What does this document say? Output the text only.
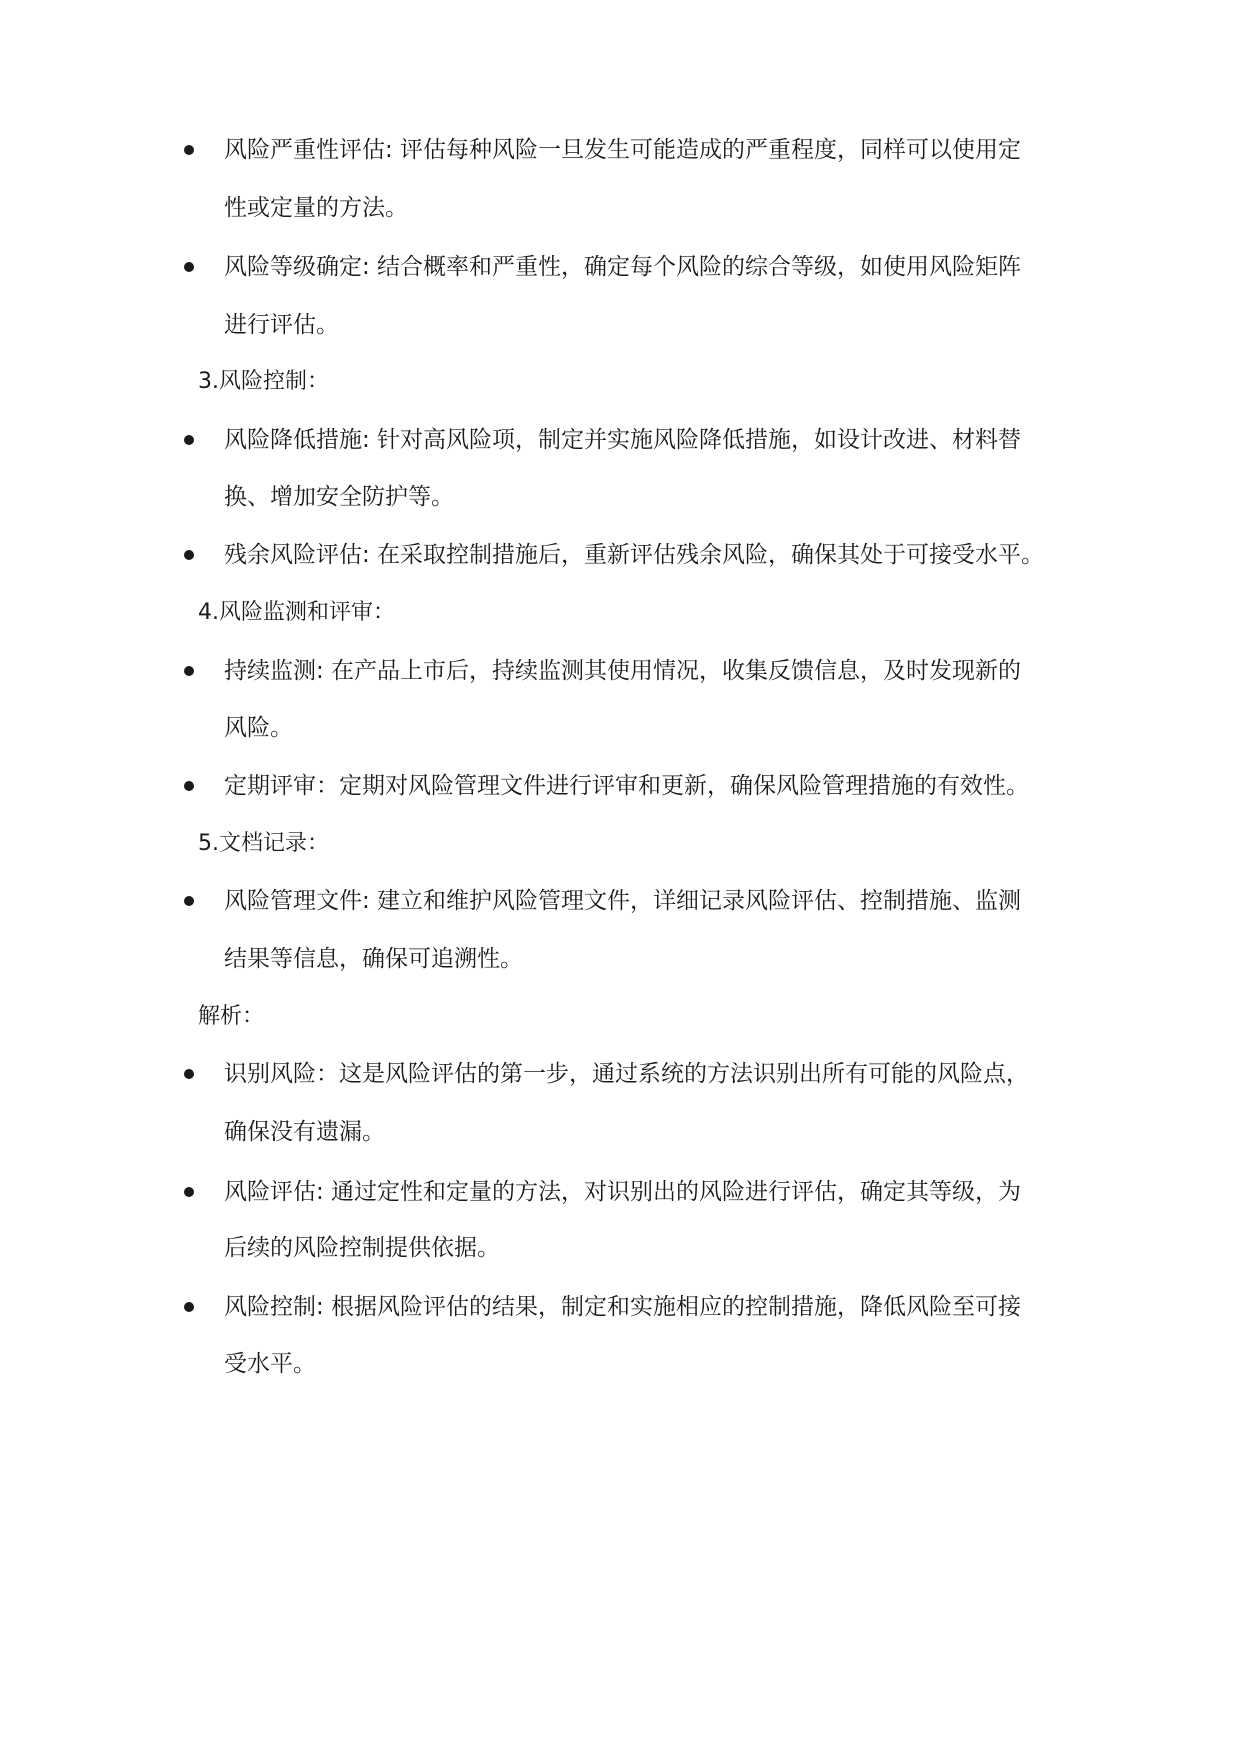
风险严重性评估: 评估每种风险一旦发生可能造成的严重程度，同样可以使用定
性或定量的方法。
风险等级确定: 结合概率和严重性，确定每个风险的综合等级，如使用风险矩阵
进行评估。
3.风险控制：
风险降低措施: 针对高风险项，制定并实施风险降低措施，如设计改进、材料替
换、增加安全防护等。
残余风险评估: 在采取控制措施后，重新评估残余风险，确保其处于可接受水平。
4.风险监测和评审：
持续监测: 在产品上市后，持续监测其使用情况，收集反馈信息，及时发现新的
风险。
定期评审：定期对风险管理文件进行评审和更新，确保风险管理措施的有效性。
5.文档记录：
风险管理文件: 建立和维护风险管理文件，详细记录风险评估、控制措施、监测
结果等信息，确保可追溯性。
解析：
识别风险：这是风险评估的第一步，通过系统的方法识别出所有可能的风险点，
确保没有遗漏。
风险评估: 通过定性和定量的方法，对识别出的风险进行评估，确定其等级，为
后续的风险控制提供依据。
风险控制: 根据风险评估的结果，制定和实施相应的控制措施，降低风险至可接
受水平。
